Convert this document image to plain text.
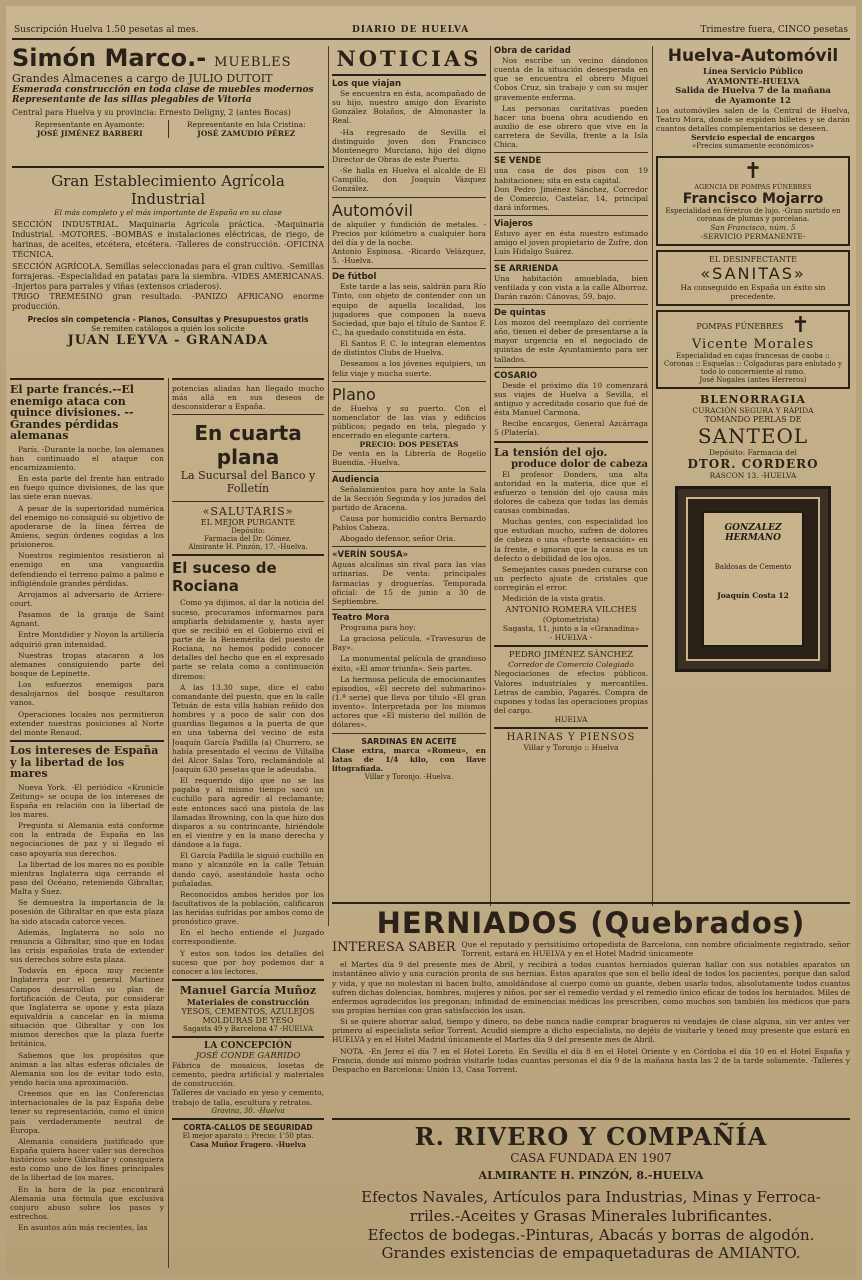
Suscripción Huelva 1.50 pesetas al mes.	DIARIO DE HUELVA	Trimestre fuera, CINCO pesetas
Simón Marco.- MUEBLES
Grandes Almacenes a cargo de JULIO DUTOIT
Esmerada construcción en toda clase de muebles modernos
Representante de las sillas plegables de Vitoria
Central para Huelva y su provincia: Ernesto Deligny, 2 (antes Bocas)
Representante en Ayamonte:
JOSÉ JIMÉNEZ BARBERI
Representante en Isla Cristina:
JOSÉ ZAMUDIO PÉREZ
Gran Establecimiento Agrícola Industrial
El más completo y el más importante de España en su clase
SECCIÓN INDUSTRIAL. Maquinaria Agrícola práctica. -Maquinaria Industrial. -MOTORES. -BOMBAS e instalaciones eléctricas, de riego, de harinas, de aceites, etcétera, etcétera. -Talleres de construcción. -OFICINA TÉCNICA.
SECCIÓN AGRÍCOLA. Semillas seleccionadas para el gran cultivo. -Semillas forrajeras. -Especialidad en patatas para la siembra. -VIDES AMERICANAS. -Injertos para parrales y viñas (extensos criaderos).
TRIGO TREMESINO gran resultado. -PANIZO AFRICANO enorme producción.
Precios sin competencia - Planos, Consultas y Presupuestos gratis
Se remiten catálogos a quién los solicite
JUAN LEYVA - GRANADA
El parte francés.--El enemigo ataca con quince divisiones. --Grandes pérdidas alemanas

París. -Durante la noche, los alemanes han continuado el ataque con encarnizamiento.

En esta parte del frente han entrado en fuego quince divisiones, de las que las siete eran nuevas.

A pesar de la superioridad numérica del enemigo no consiguió su objetivo de apoderarse de la línea férrea de Amiens, según órdenes cogidas a los prisioneros.

Nuestros regimientos resistieron al enemigo en una vanguardia defendiendo el terreno palmo a palmo e infligiéndole grandes pérdidas.

Arrojamos al adversario de Arriere-court.

Pasamos de la granja de Saint Agnant.

Entre Montdidier y Noyon la artillería adquirió gran intensidad.

Nuestras tropas atacaron a los alemanes consiguiendo parte del bosque de Lepinette.

Los esfuerzos enemigos para desalojarnos del bosque resultaron vanos.

Operaciones locales nos permitieron extender nuestras posiciones al Norte del monte Renaud.

Los intereses de España y la libertad de los mares

Nueva York. -El periódico «Kronicle Zeitung» se ocupa de los intereses de España en relación con la libertad de los mares.

Pregunta si Alemania está conforme con la entrada de España en las negociaciones de paz y si llegado el caso apoyaría sus derechos.

La libertad de los mares no es posible mientras Inglaterra siga cerrando el paso del Océano, reteniendo Gibraltar, Malta y Suez.

Se demuestra la importancia de la posesión de Gibraltar en que esta plaza ha sido atacada catorce veces.

Además, Inglaterra no solo no renuncia a Gibraltar, sino que en todas las crisis españolas trata de extender sus derechos sobre esta plaza.

Todavía en época muy reciente Inglaterra por el general Martínez Campos desarrollan su plan de fortificación de Ceuta, por considerar que Inglaterra se opone y esta plaza equivaldría a cancelar en la misma situación que Gibraltar y con los mismos derechos que la plaza fuerte británica.

Sabemos que los propósitos que animan a las altas esferas oficiales de Alemania son los de evitar todo esto, yendo hacia una aproximación.

Creemos que en las Conferencias internacionales de la paz España debe tener su representación, como el único país verdaderamente neutral de Europa.

Alemania considera justificado que España quiera hacer valer sus derechos históricos sobre Gibraltar y consiguiera esto como uno de los fines principales de la libertad de los mares.

En la hora de la paz encontrará Alemania una fórmula que exclusiva conjuro abuso sobre los pasos y estrechos.

En asuntos aún más recientes, las

potencias aliadas han llegado mucho más allá en sus deseos de desconsiderar a España.
En cuarta plana
La Sucursal del Banco y Folletín
«SALUTARIS»
EL MEJOR PURGANTE
Depósito:
Farmacia del Dr. Gómez.
Almirante H. Pinzón, 17. -Huelva.
El suceso de Rociana

Como ya dijimos, al dar la noticia del suceso, procuramos informarnos para ampliarla debidamente y, hasta ayer que se recibió en el Gobierno civil el parte de la Benemérita del puesto de Rociana, no hemos podido conocer detalles del hecho que en el expresado parte se relata como a continuación diremos:

A las 13.30 supe, dice el cabo comandante del puesto, que en la calle Tetuán de esta villa habían reñido dos hombres y a poco de salir con dos guardias llegamos a la puerta de que en una taberna del vecino de esta Joaquín García Padilla (a) Churrero, se había presentado el vecino de Villalba del Alcor Salas Toro, reclamándole al Joaquín 630 pesetas que le adeudaba.

El requerido dijo que no se las pagaba y al mismo tiempo sacó un cuchillo para agredir al reclamante; este entonces sacó una pistola de las llamadas Browning, con la que hizo dos disparos a su contrincante, hiriéndole en el vientre y en la mano derecha y dándose a la fuga.

El García Padilla le siguió cuchillo en mano y alcanzóle en la calle Tetuán dando cayó, asestándole hasta ocho puñaladas.

Reconocidos ambos heridos por los facultativos de la población, calificaron las heridas sufridas por ambos como de pronóstico grave.

En el hecho entiende el Juzgado correspondiente.

Y estos son todos los detalles del suceso que por hoy podemos dar a conocer a los lectores.

Manuel García Muñoz
Materiales de construcción
YESOS, CEMENTOS, AZULEJOS
MOLDURAS DE YESO
Sagasta 49 y Barcelona 47 -HUELVA
LA CONCEPCIÓN
JOSÉ CONDE GARRIDO
Fábrica de mosaicos, losetas de cemento, piedra artificial y materiales de construcción.
Talleres de vaciado en yeso y cemento, trabajo de talla, escultura y retratos.
Gravina, 30. -Huelva
CORTA-CALLOS DE SEGURIDAD
El mejor aparato :: Precio: 1'50 ptas.
Casa Muñoz Fragero. -Huelva
NOTICIAS
Los que viajan

Se encuentra en ésta, acompañado de su hijo, nuestro amigo don Evaristo González Bolaños, de Almonaster la Real.

-Ha regresado de Sevilla el distinguido joven don Francisco Montenegro Murciano, hijo del digno Director de Obras de este Puerto.

-Se halla en Huelva el alcalde de El Campillo, don Joaquín Vázquez González.

Automóvil
de alquiler y fundición de metales. -Precios por kilómetro a cualquier hora del día y de la noche.
Antonio Espinosa. -Ricardo Velázquez, 5. -Huelva.
De fútbol

Este tarde a las seis, saldrán para Río Tinto, con objeto de contender con un equipo de aquella localidad, los jugadores que componen la nueva Sociedad, que bajo el título de Santos F. C., ha quedado constituida en ésta.

El Santos F. C. lo integran elementos de distintos Clubs de Huelva.

Deseamos a los jóvenes equipiers, un feliz viaje y mucha suerte.

Plano
de Huelva y su puerto. Con el nomenclator de las vías y edificios públicos; pegado en tela, plegado y encerrado en elegante cartera.
PRECIO: DOS PESETAS
De venta en la Librería de Rogelio Buendía. -Huelva.
Audiencia

Señalamientos para hoy ante la Sala de la Sección Segunda y los jurados del partido de Aracena.

Causa por homicidio contra Bernardo Pablos Cabeza.

Abogado defensor, señor Oria.

«VERÍN SOUSA»
Aguas alcalinas sin rival para las vías urinarias. De venta: principales farmacias y droguerías. Temporada oficial: de 15 de junio a 30 de Septiembre.
Teatro Mora

Programa para hoy:

La graciosa película, «Travesuras de Bay».

La monumental película de grandioso éxito, «El amor triunfa». Seis partes.

La hermosa película de emocionantes episodios, «El secreto del submarino» (1.ª serie) que lleva por título «El gran invento». Interpretada por los mismos actores que «El misterio del millón de dólares».

SARDINAS EN ACEITE
Clase extra, marca «Romeu», en latas de 1/4 kilo, con llave litografiada.
Villar y Toronjo. -Huelva.
Obra de caridad

Nos escribe un vecino dándonos cuenta de la situación desesperada en que se encuentra el obrero Miguel Cobos Cruz, sin trabajo y con su mujer gravemente enferma.

Las personas caritativas pueden hacer una buena obra acudiendo en auxilio de ese obrero que vive en la carretera de Sevilla, frente a la Isla Chica.

SE VENDE
una casa de dos pisos con 19 habitaciones; sita en esta capital.
Don Pedro Jiménez Sánchez, Corredor de Comercio, Castelar, 14, principal dará informes.
Viajeros
Estuvo ayer en ésta nuestro estimado amigo el joven propietario de Zufre, don Luis Hidalgo Suárez.
SE ARRIENDA
Una habitación amueblada, bien ventilada y con vista a la calle Alborroz. Darán razón: Cánovas, 59, bajo.
De quintas
Los mozos del reemplazo del corriente año, tienen el deber de presentarse a la mayor urgencia en el negociado de quintas de este Ayuntamiento para ser tallados.
COSARIO

Desde el próximo día 10 comenzará sus viajes de Huelva a Sevilla, el antiguo y acreditado cosario que fué de ésta Manuel Carmona.

Recibe encargos, General Azcárraga 5 (Platería).

La tensión del ojo.
produce dolor de cabeza

El profesor Donders, una alta autoridad en la materia, dice que el esfuerzo o tensión del ojo causa más dolores de cabeza que todas las demás causas combinadas.

Muchas gentes, con especialidad los que estudian mucho, sufren de dolores de cabeza o una «fuerte sensación» en la frente, e ignoran que la causa es un defecto o debilidad de los ojos.

Semejantes casos pueden curarse con un perfecto ajuste de cristales que corregirán el error.

Medición de la vista gratis.

ANTONIO ROMERA VILCHES
(Optometrista)
Sagasta, 11, junto a la «Granadina»
- HUELVA -
PEDRO JIMÉNEZ SÁNCHEZ
Corredor de Comercio Colegiado
Negociaciones de efectos públicos. Valores industriales y mercantiles. Letras de cambio, Pagarés. Compra de cupones y todas las operaciones propias del cargo.
HUELVA
HARINAS Y PIENSOS
Villar y Toronjo :: Huelva
Huelva-Automóvil
Línea Servicio Público
AYAMONTE-HUELVA
Salida de Huelva 7 de la mañana
de Ayamonte 12
Los automóviles salen de la Central de Huelva, Teatro Mora, donde se expiden billetes y se darán cuantos detalles complementarios se deseen.
Servicio especial de encargos
«Precios sumamente económicos»
✝
AGENCIA DE POMPAS FÚNEBRES
Francisco Mojarro
Especialidad en féretros de lujo. -Gran surtido en coronas de plumas y porcelana.
San Francisco, núm. 5
-SERVICIO PERMANENTE-
EL DESINFECTANTE
«SANITAS»
Ha conseguido en España un éxito sin precedente.
POMPAS FÚNEBRES ✝
Vicente Morales
Especialidad en cajas francesas de caoba :: Coronas :: Esquelas :: Colgaduras para enlutado y todo lo concerniente al ramo.
José Nogales (antes Herreros)
BLENORRAGIA
CURACIÓN SEGURA Y RÁPIDA
TOMANDO PERLAS DE
SANTEOL
Depósito: Farmacia del
DTOR. CORDERO
RASCON 13. -HUELVA
GONZALEZ HERMANO
Baldosas de Cemento
Joaquín Costa 12
HERNIADOS (Quebrados)
INTERESA SABER Que el reputado y perisitísimo ortopedista de Barcelona, con nombre oficialmente registrado, señor Torrent, estará en HUELVA y en el Hotel Madrid únicamente

el Martes día 9 del presente mes de Abril, y recibirá a todos cuantos herniados quieran hallar con sus notables aparatos un instantáneo alivio y una curación pronta de sus hernias. Estos aparatos que son el bello ideal de todos los pacientes, porque dan salud y vida, y que no molestan ni hacen bulto, amoldándose al cuerpo como un guante, deben usarlo todos, absolutamente todos cuantos sufren dichas dolencias, hombres, mujeres y niños, por ser el remedio verdad y el remedio único eficaz de todos los herniados. Miles de enfermos agradecidos los pregonan; infinidad de eminencias médicas los prescriben, como muchos son también los médicos que para sus propias hernias con gran satisfacción los usan.

Si se quiere ahorrar salud, tiempo y dinero, no debe nunca nadie comprar bragueros ni vendajes de clase alguna, sin ver antes ver primero al especialista señor Torrent. Acudid siempre a dicho especialista, no dejéis de visitarle y tened muy presente que estará en HUELVA y en el Hotel Madrid únicamente el Martes día 9 del presente mes de Abril.

NOTA. -En Jerez el día 7 en el Hotel Loreto. En Sevilla el día 8 en el Hotel Oriente y en Córdoba el día 10 en el Hotel España y Francia, donde así mismo podrán visitarle todas cuantas personas el día 9 de la mañana hasta las 2 de la tarde solamente. -Talleres y Despacho en Barcelona: Unión 13, Casa Torrent.

R. RIVERO Y COMPAÑÍA
CASA FUNDADA EN 1907
ALMIRANTE H. PINZÓN, 8.-HUELVA
Efectos Navales, Artículos para Industrias, Minas y Ferroca-
rriles.-Aceites y Grasas Minerales lubrificantes.
Efectos de bodegas.-Pinturas, Abacás y borras de algodón.
Grandes existencias de empaquetaduras de AMIANTO.
